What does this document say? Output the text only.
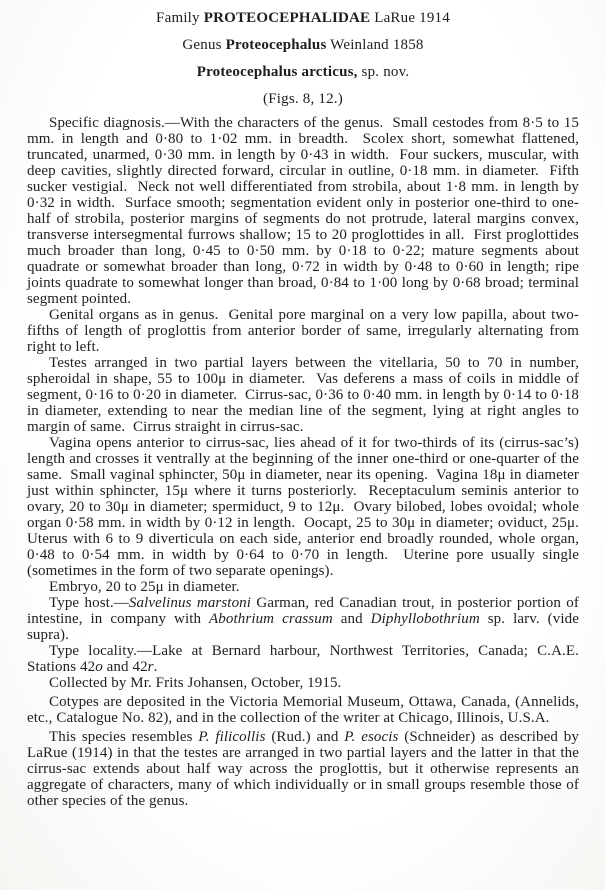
Family PROTEOCEPHALIDAE LaRue 1914
Genus Proteocephalus Weinland 1858
Proteocephalus arcticus, sp. nov.
(Figs. 8, 12.)

Specific diagnosis.—With the characters of the genus.  Small cestodes from 8·5 to 15 mm. in length and 0·80 to 1·02 mm. in breadth.  Scolex short, somewhat flattened, truncated, unarmed, 0·30 mm. in length by 0·43 in width.  Four suckers, muscular, with deep cavities, slightly directed forward, circular in outline, 0·18 mm. in diameter.  Fifth sucker vestigial.  Neck not well differentiated from strobila, about 1·8 mm. in length by 0·32 in width.  Surface smooth; segmentation evident only in posterior one-third to one-half of strobila, posterior margins of segments do not protrude, lateral margins convex, transverse intersegmental furrows shallow; 15 to 20 proglottides in all.  First proglottides much broader than long, 0·45 to 0·50 mm. by 0·18 to 0·22; mature segments about quadrate or somewhat broader than long, 0·72 in width by 0·48 to 0·60 in length; ripe joints quadrate to somewhat longer than broad, 0·84 to 1·00 long by 0·68 broad; terminal segment pointed.

Genital organs as in genus.  Genital pore marginal on a very low papilla, about two-fifths of length of proglottis from anterior border of same, irregularly alternating from right to left.

Testes arranged in two partial layers between the vitellaria, 50 to 70 in number, spheroidal in shape, 55 to 100μ in diameter.  Vas deferens a mass of coils in middle of segment, 0·16 to 0·20 in diameter.  Cirrus-sac, 0·36 to 0·40 mm. in length by 0·14 to 0·18 in diameter, extending to near the median line of the segment, lying at right angles to margin of same.  Cirrus straight in cirrus-sac.

Vagina opens anterior to cirrus-sac, lies ahead of it for two-thirds of its (cirrus-sac’s) length and crosses it ventrally at the beginning of the inner one-third or one-quarter of the same.  Small vaginal sphincter, 50μ in diameter, near its opening.  Vagina 18μ in diameter just within sphincter, 15μ where it turns posteriorly.  Receptaculum seminis anterior to ovary, 20 to 30μ in diameter; spermiduct, 9 to 12μ.  Ovary bilobed, lobes ovoidal; whole organ 0·58 mm. in width by 0·12 in length.  Oocapt, 25 to 30μ in diameter; oviduct, 25μ. Uterus with 6 to 9 diverticula on each side, anterior end broadly rounded, whole organ, 0·48 to 0·54 mm. in width by 0·64 to 0·70 in length.  Uterine pore usually single (sometimes in the form of two separate openings).

Embryo, 20 to 25μ in diameter.

Type host.—Salvelinus marstoni Garman, red Canadian trout, in posterior portion of intestine, in company with Abothrium crassum and Diphyllobothrium sp. larv. (vide supra).

Type locality.—Lake at Bernard harbour, Northwest Territories, Canada; C.A.E. Stations 42o and 42r.

Collected by Mr. Frits Johansen, October, 1915.

Cotypes are deposited in the Victoria Memorial Museum, Ottawa, Canada, (Annelids, etc., Catalogue No. 82), and in the collection of the writer at Chicago, Illinois, U.S.A.

This species resembles P. filicollis (Rud.) and P. esocis (Schneider) as described by LaRue (1914) in that the testes are arranged in two partial layers and the latter in that the cirrus-sac extends about half way across the proglottis, but it otherwise represents an aggregate of characters, many of which individually or in small groups resemble those of other species of the genus.
